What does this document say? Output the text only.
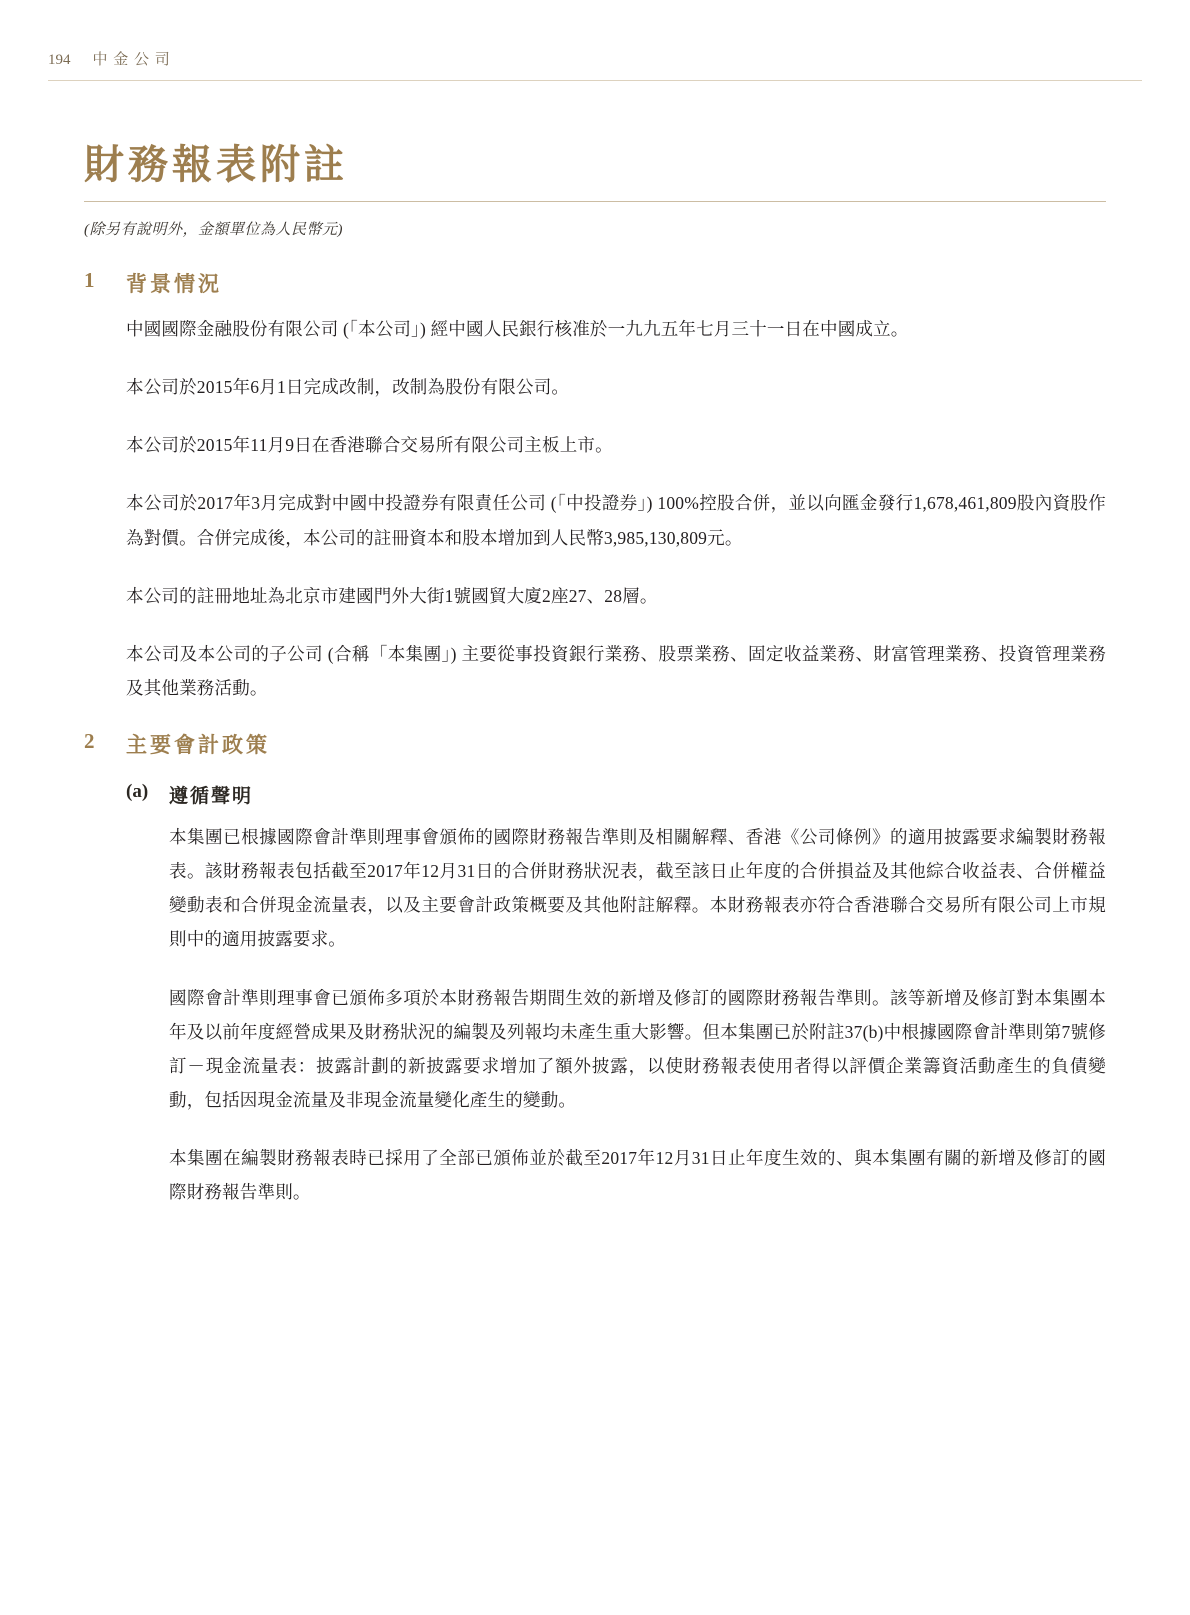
194 中 金 公 司
財務報表附註
(除另有說明外，金額單位為人民幣元)
1 背景情況

中國國際金融股份有限公司 (「本公司」) 經中國人民銀行核准於一九九五年七月三十一日在中國成立。

本公司於2015年6月1日完成改制，改制為股份有限公司。

本公司於2015年11月9日在香港聯合交易所有限公司主板上市。

本公司於2017年3月完成對中國中投證券有限責任公司 (「中投證券」) 100%控股合併，並以向匯金發行1,678,461,809股內資股作為對價。合併完成後，本公司的註冊資本和股本增加到人民幣3,985,130,809元。

本公司的註冊地址為北京市建國門外大街1號國貿大廈2座27、28層。

本公司及本公司的子公司 (合稱「本集團」) 主要從事投資銀行業務、股票業務、固定收益業務、財富管理業務、投資管理業務及其他業務活動。

2 主要會計政策
(a) 遵循聲明

本集團已根據國際會計準則理事會頒佈的國際財務報告準則及相關解釋、香港《公司條例》的適用披露要求編製財務報表。該財務報表包括截至2017年12月31日的合併財務狀況表，截至該日止年度的合併損益及其他綜合收益表、合併權益變動表和合併現金流量表，以及主要會計政策概要及其他附註解釋。本財務報表亦符合香港聯合交易所有限公司上市規則中的適用披露要求。

國際會計準則理事會已頒佈多項於本財務報告期間生效的新增及修訂的國際財務報告準則。該等新增及修訂對本集團本年及以前年度經營成果及財務狀況的編製及列報均未產生重大影響。但本集團已於附註37(b)中根據國際會計準則第7號修訂－現金流量表：披露計劃的新披露要求增加了額外披露，以使財務報表使用者得以評價企業籌資活動產生的負債變動，包括因現金流量及非現金流量變化產生的變動。

本集團在編製財務報表時已採用了全部已頒佈並於截至2017年12月31日止年度生效的、與本集團有關的新增及修訂的國際財務報告準則。
